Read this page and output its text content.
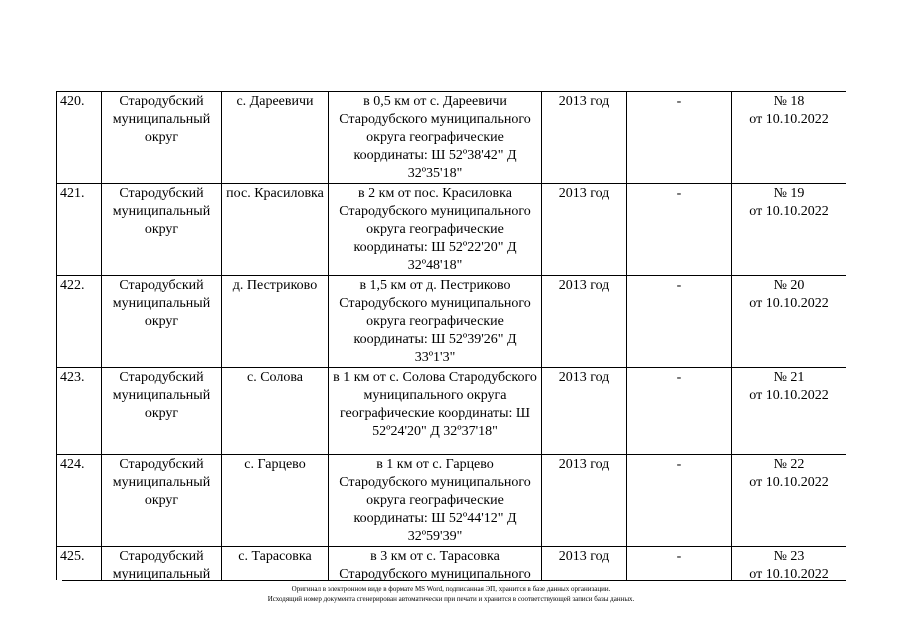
420.	Стародубский муниципальный округ	с. Дареевичи	в 0,5 км от с. Дареевичи Стародубского муниципального округа географические координаты: Ш 52º38'42" Д 32º35'18"	2013 год	-	№ 18
от 10.10.2022

421.	Стародубский муниципальный округ	пос. Красиловка	в 2 км от пос. Красиловка Стародубского муниципального округа географические координаты: Ш 52º22'20" Д 32º48'18"	2013 год	-	№ 19
от 10.10.2022

422.	Стародубский муниципальный округ	д. Пестриково	в 1,5 км от д. Пестриково Стародубского муниципального округа географические координаты: Ш 52º39'26" Д 33º1'3"	2013 год	-	№ 20
от 10.10.2022

423.	Стародубский муниципальный округ	с. Солова	в 1 км от с. Солова Стародубского муниципального округа географические координаты: Ш 52º24'20" Д 32º37'18"	2013 год	-	№ 21
от 10.10.2022

424.	Стародубский муниципальный округ	с. Гарцево	в 1 км от с. Гарцево Стародубского муниципального округа географические координаты: Ш 52º44'12" Д 32º59'39"	2013 год	-	№ 22
от 10.10.2022

425.	Стародубский муниципальный	с. Тарасовка	в 3 км от с. Тарасовка Стародубского муниципального	2013 год	-	№ 23
от 10.10.2022
Оригинал в электронном виде в формате MS Word, подписанная ЭП, хранится в базе данных организации.
Исходящий номер документа сгенерирован автоматически при печати и хранится в соответствующей записи базы данных.
